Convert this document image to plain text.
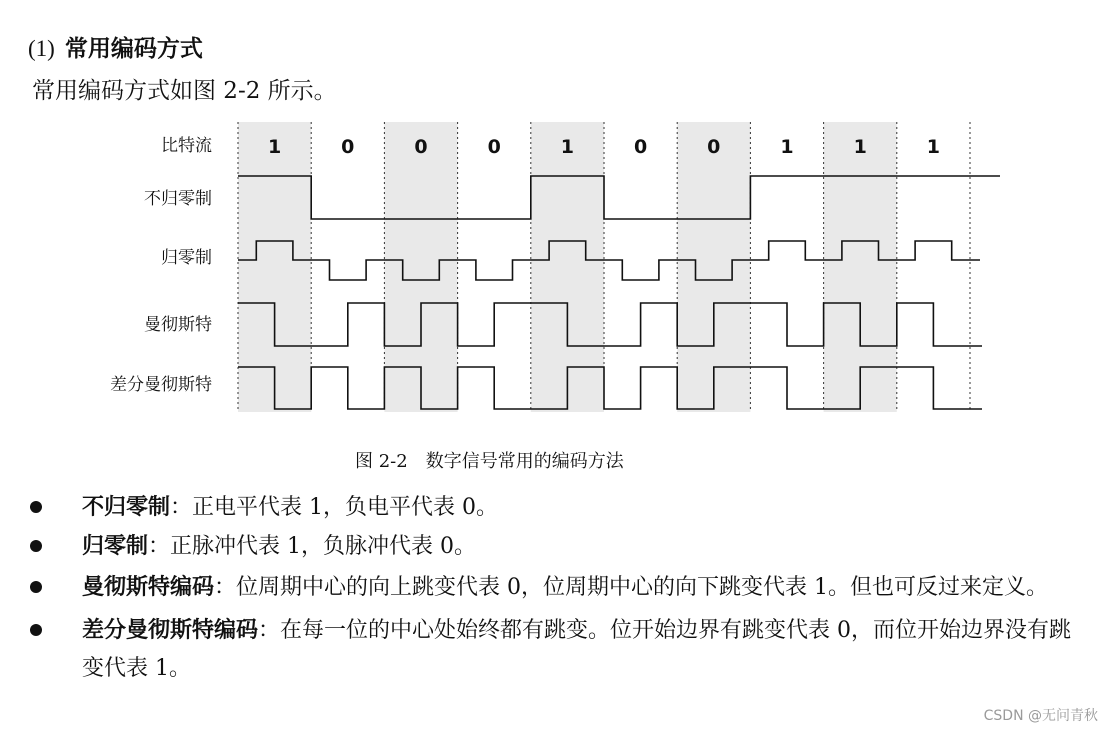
(1) 常用编码方式
常用编码方式如图 2-2 所示。
比特流
不归零制
归零制
曼彻斯特
差分曼彻斯特
1	0	0	0	1	0	0	1	1	1
图 2-2　数字信号常用的编码方法
不归零制：正电平代表 1，负电平代表 0。
归零制：正脉冲代表 1，负脉冲代表 0。
曼彻斯特编码：位周期中心的向上跳变代表 0，位周期中心的向下跳变代表 1。但也可反过来定义。
差分曼彻斯特编码：在每一位的中心处始终都有跳变。位开始边界有跳变代表 0，而位开始边界没有跳变代表 1。
CSDN @无问青秋
